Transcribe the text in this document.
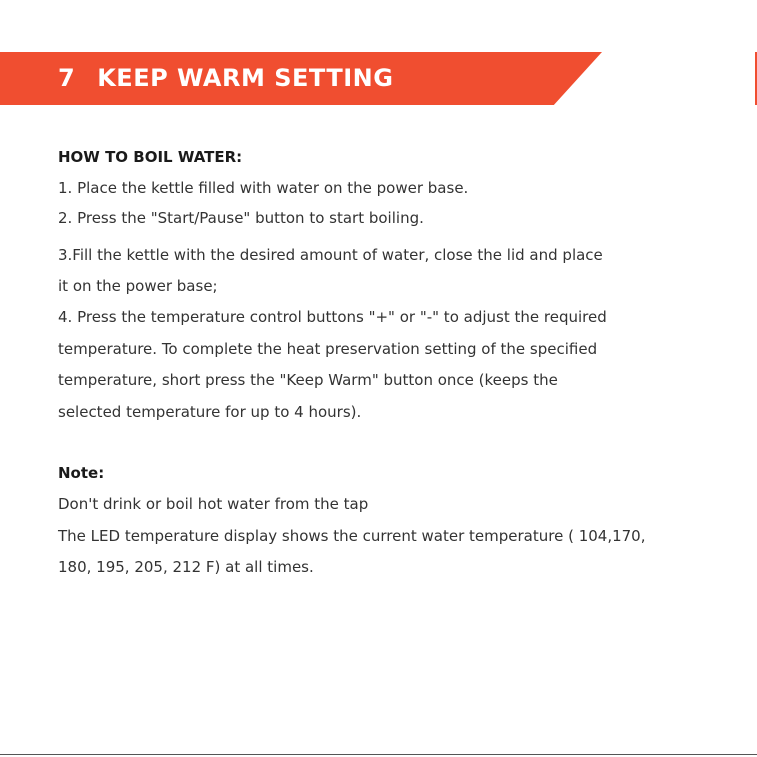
7 KEEP WARM SETTING

HOW TO BOIL WATER:

1. Place the kettle filled with water on the power base.

2. Press the "Start/Pause" button to start boiling.

3.Fill the kettle with the desired amount of water, close the lid and place

it on the power base;

4. Press the temperature control buttons "+" or "-" to adjust the required

temperature. To complete the heat preservation setting of the specified

temperature, short press the "Keep Warm" button once (keeps the

selected temperature for up to 4 hours).

Note:

Don't drink or boil hot water from the tap

The LED temperature display shows the current water temperature ( 104,170,

180, 195, 205, 212 F) at all times.
